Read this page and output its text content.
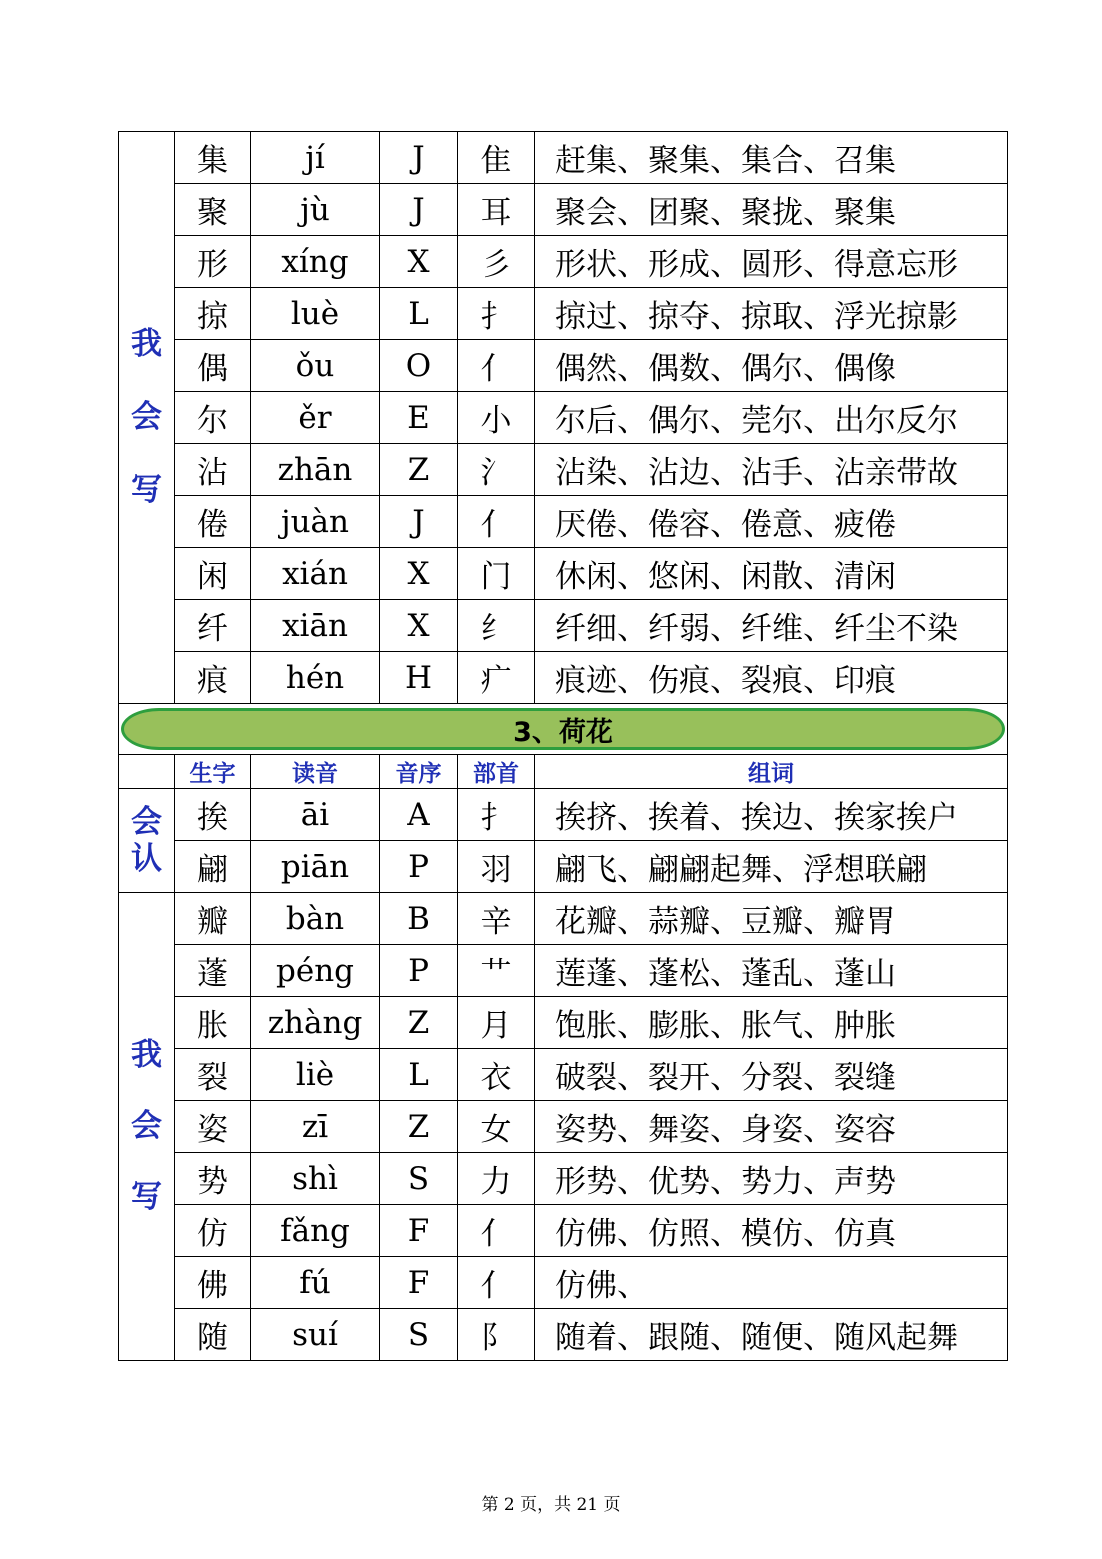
我
会
写	集	jí	J	隹	赶集、聚集、集合、召集
	聚	jù	J	耳	聚会、团聚、聚拢、聚集
	形	xíng	X	彡	形状、形成、圆形、得意忘形
	掠	luè	L	扌	掠过、掠夺、掠取、浮光掠影
	偶	ǒu	O	亻	偶然、偶数、偶尔、偶像
	尔	ěr	E	小	尔后、偶尔、莞尔、出尔反尔
	沾	zhān	Z	氵	沾染、沾边、沾手、沾亲带故
	倦	juàn	J	亻	厌倦、倦容、倦意、疲倦
	闲	xián	X	门	休闲、悠闲、闲散、清闲
	纤	xiān	X	纟	纤细、纤弱、纤维、纤尘不染
	痕	hén	H	疒	痕迹、伤痕、裂痕、印痕

3、荷花					

	生字	读音	音序	部首	组词

会
认	挨	āi	A	扌	挨挤、挨着、挨边、挨家挨户
	翩	piān	P	羽	翩飞、翩翩起舞、浮想联翩

我
会
写	瓣	bàn	B	辛	花瓣、蒜瓣、豆瓣、瓣胃
	蓬	péng	P	艹	莲蓬、蓬松、蓬乱、蓬山
	胀	zhàng	Z	月	饱胀、膨胀、胀气、肿胀
	裂	liè	L	衣	破裂、裂开、分裂、裂缝
	姿	zī	Z	女	姿势、舞姿、身姿、姿容
	势	shì	S	力	形势、优势、势力、声势
	仿	fǎng	F	亻	仿佛、仿照、模仿、仿真
	佛	fú	F	亻	仿佛、
	随	suí	S	阝	随着、跟随、随便、随风起舞
第 2 页，共 21 页
